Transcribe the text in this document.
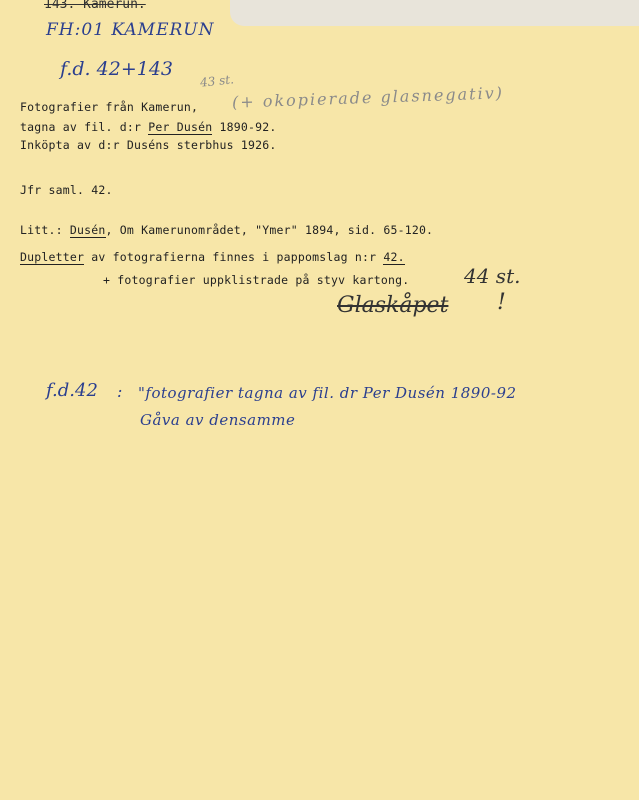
143. Kamerun.
FH:01 KAMERUN
f.d. 42+143
43 st.
(+ okopierade glasnegativ)
Fotografier från Kamerun,
tagna av fil. d:r Per Dusén 1890-92.
Inköpta av d:r Duséns sterbhus 1926.
Jfr saml. 42.
Litt.: Dusén, Om Kamerunområdet, "Ymer" 1894, sid. 65-120.
Dupletter av fotografierna finnes i pappomslag n:r 42.
+ fotografier uppklistrade på styv kartong.	44 st.
Glaskåpet !
f.d.42 : "fotografier tagna av fil. dr Per Dusén 1890-92
Gåva av densamme
